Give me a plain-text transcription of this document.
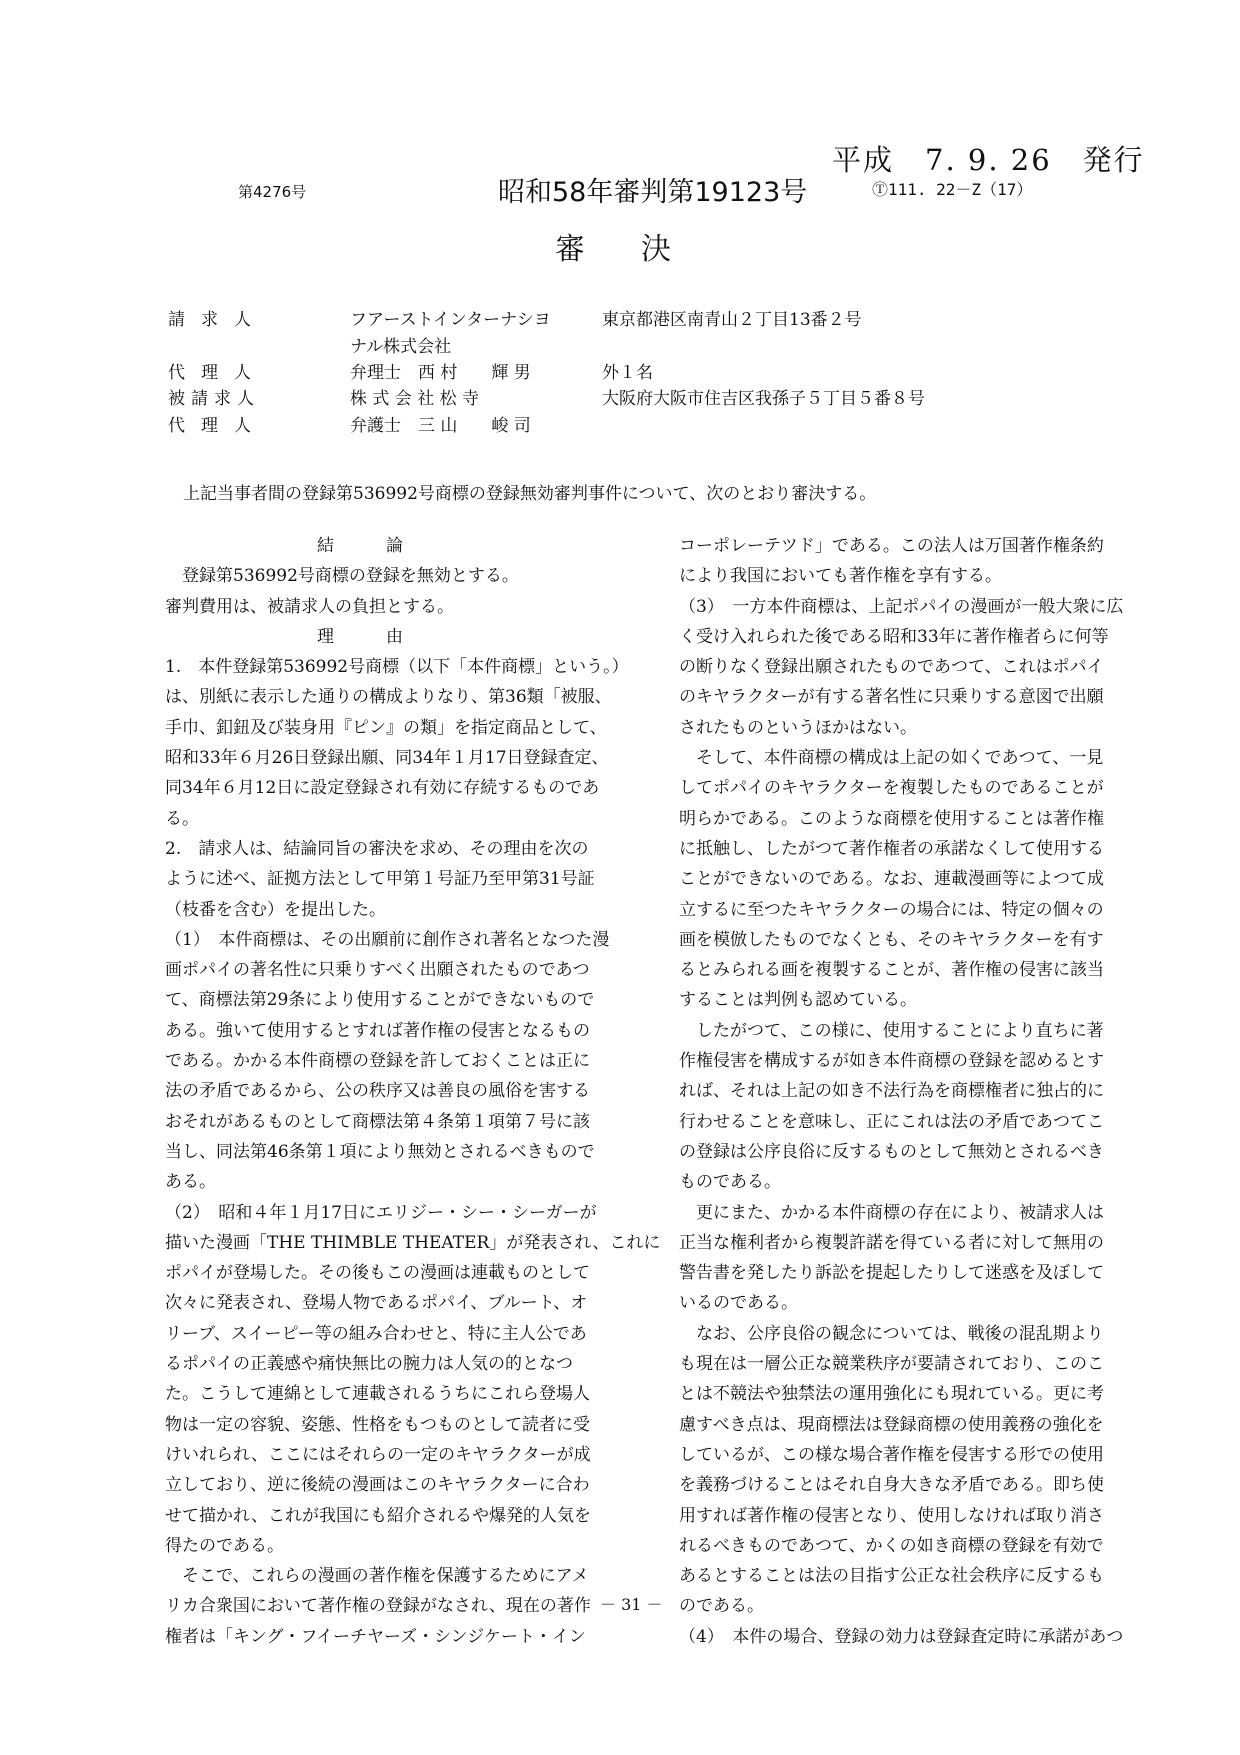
平成　7. 9. 26　発行
第4276号	昭和58年審判第19123号	Ⓣ111. 22－Z（17）
審決
請求人	フアーストインターナシヨ	東京都港区南青山２丁目13番２号
ナル株式会社
代理人	弁理士　西 村　　輝 男	外１名
被請求人	株 式 会 社 松 寺	大阪府大阪市住吉区我孫子５丁目５番８号
代理人	弁護士　三 山　　峻 司
上記当事者間の登録第536992号商標の登録無効審判事件について、次のとおり審決する。

結論

　登録第536992号商標の登録を無効とする。

審判費用は、被請求人の負担とする。

理由

1.　本件登録第536992号商標（以下「本件商標」という。）

は、別紙に表示した通りの構成よりなり、第36類「被服、

手巾、釦鈕及び装身用『ピン』の類」を指定商品として、

昭和33年６月26日登録出願、同34年１月17日登録査定、

同34年６月12日に設定登録され有効に存続するものであ

る。

2.　請求人は、結論同旨の審決を求め、その理由を次の

ように述べ、証拠方法として甲第１号証乃至甲第31号証

（枝番を含む）を提出した。

（1）　本件商標は、その出願前に創作され著名となつた漫

画ポパイの著名性に只乗りすべく出願されたものであつ

て、商標法第29条により使用することができないもので

ある。強いて使用するとすれば著作権の侵害となるもの

である。かかる本件商標の登録を許しておくことは正に

法の矛盾であるから、公の秩序又は善良の風俗を害する

おそれがあるものとして商標法第４条第１項第７号に該

当し、同法第46条第１項により無効とされるべきもので

ある。

（2）　昭和４年１月17日にエリジー・シー・シーガーが

描いた漫画「THE THIMBLE THEATER」が発表され、これに

ポパイが登場した。その後もこの漫画は連載ものとして

次々に発表され、登場人物であるポパイ、ブルート、オ

リーブ、スイーピー等の組み合わせと、特に主人公であ

るポパイの正義感や痛快無比の腕力は人気の的となつ

た。こうして連綿として連載されるうちにこれら登場人

物は一定の容貌、姿態、性格をもつものとして読者に受

けいれられ、ここにはそれらの一定のキヤラクターが成

立しており、逆に後続の漫画はこのキヤラクターに合わ

せて描かれ、これが我国にも紹介されるや爆発的人気を

得たのである。

　そこで、これらの漫画の著作権を保護するためにアメ

リカ合衆国において著作権の登録がなされ、現在の著作

権者は「キング・フイーチヤーズ・シンジケート・イン

コーポレーテツド」である。この法人は万国著作権条約

により我国においても著作権を享有する。

（3）　一方本件商標は、上記ポパイの漫画が一般大衆に広

く受け入れられた後である昭和33年に著作権者らに何等

の断りなく登録出願されたものであつて、これはポパイ

のキヤラクターが有する著名性に只乗りする意図で出願

されたものというほかはない。

　そして、本件商標の構成は上記の如くであつて、一見

してポパイのキヤラクターを複製したものであることが

明らかである。このような商標を使用することは著作権

に抵触し、したがつて著作権者の承諾なくして使用する

ことができないのである。なお、連載漫画等によつて成

立するに至つたキヤラクターの場合には、特定の個々の

画を模倣したものでなくとも、そのキヤラクターを有す

るとみられる画を複製することが、著作権の侵害に該当

することは判例も認めている。

　したがつて、この様に、使用することにより直ちに著

作権侵害を構成するが如き本件商標の登録を認めるとす

れば、それは上記の如き不法行為を商標権者に独占的に

行わせることを意味し、正にこれは法の矛盾であつてこ

の登録は公序良俗に反するものとして無効とされるべき

ものである。

　更にまた、かかる本件商標の存在により、被請求人は

正当な権利者から複製許諾を得ている者に対して無用の

警告書を発したり訴訟を提起したりして迷惑を及ぼして

いるのである。

　なお、公序良俗の観念については、戦後の混乱期より

も現在は一層公正な競業秩序が要請されており、このこ

とは不競法や独禁法の運用強化にも現れている。更に考

慮すべき点は、現商標法は登録商標の使用義務の強化を

しているが、この様な場合著作権を侵害する形での使用

を義務づけることはそれ自身大きな矛盾である。即ち使

用すれば著作権の侵害となり、使用しなければ取り消さ

れるべきものであつて、かくの如き商標の登録を有効で

あるとすることは法の目指す公正な社会秩序に反するも

のである。

（4）　本件の場合、登録の効力は登録査定時に承諾があつ

－ 31 －
